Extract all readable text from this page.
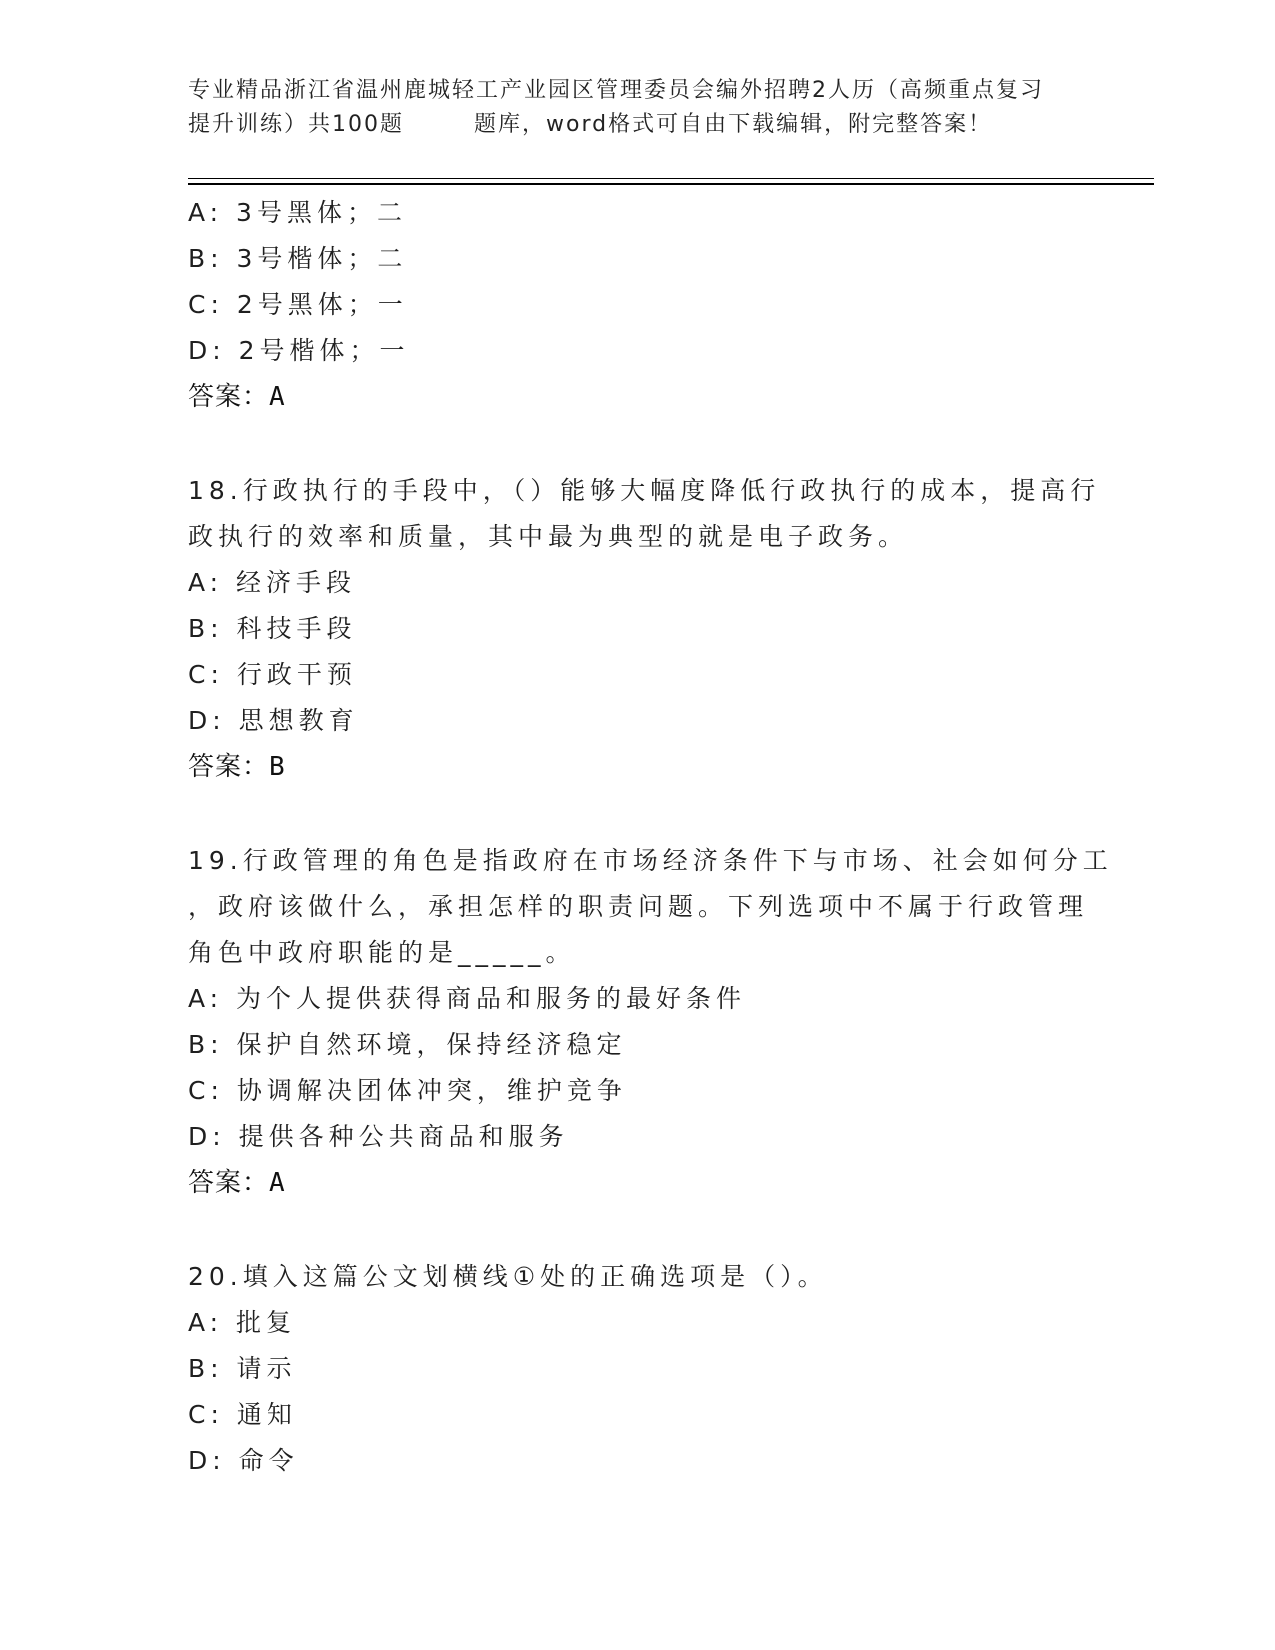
专业精品浙江省温州鹿城轻工产业园区管理委员会编外招聘2人历（高频重点复习
提升训练）共100题	题库，word格式可自由下载编辑，附完整答案！
A: 3号黑体；二
B: 3号楷体；二
C: 2号黑体；一
D: 2号楷体；一
答案：A
18.行政执行的手段中，（）能够大幅度降低行政执行的成本，提高行
政执行的效率和质量，其中最为典型的就是电子政务。
A: 经济手段
B: 科技手段
C: 行政干预
D: 思想教育
答案：B
19.行政管理的角色是指政府在市场经济条件下与市场、社会如何分工
，政府该做什么，承担怎样的职责问题。下列选项中不属于行政管理
角色中政府职能的是_____。
A: 为个人提供获得商品和服务的最好条件
B: 保护自然环境，保持经济稳定
C: 协调解决团体冲突，维护竞争
D: 提供各种公共商品和服务
答案：A
20.填入这篇公文划横线①处的正确选项是（）。
A: 批复
B: 请示
C: 通知
D: 命令
